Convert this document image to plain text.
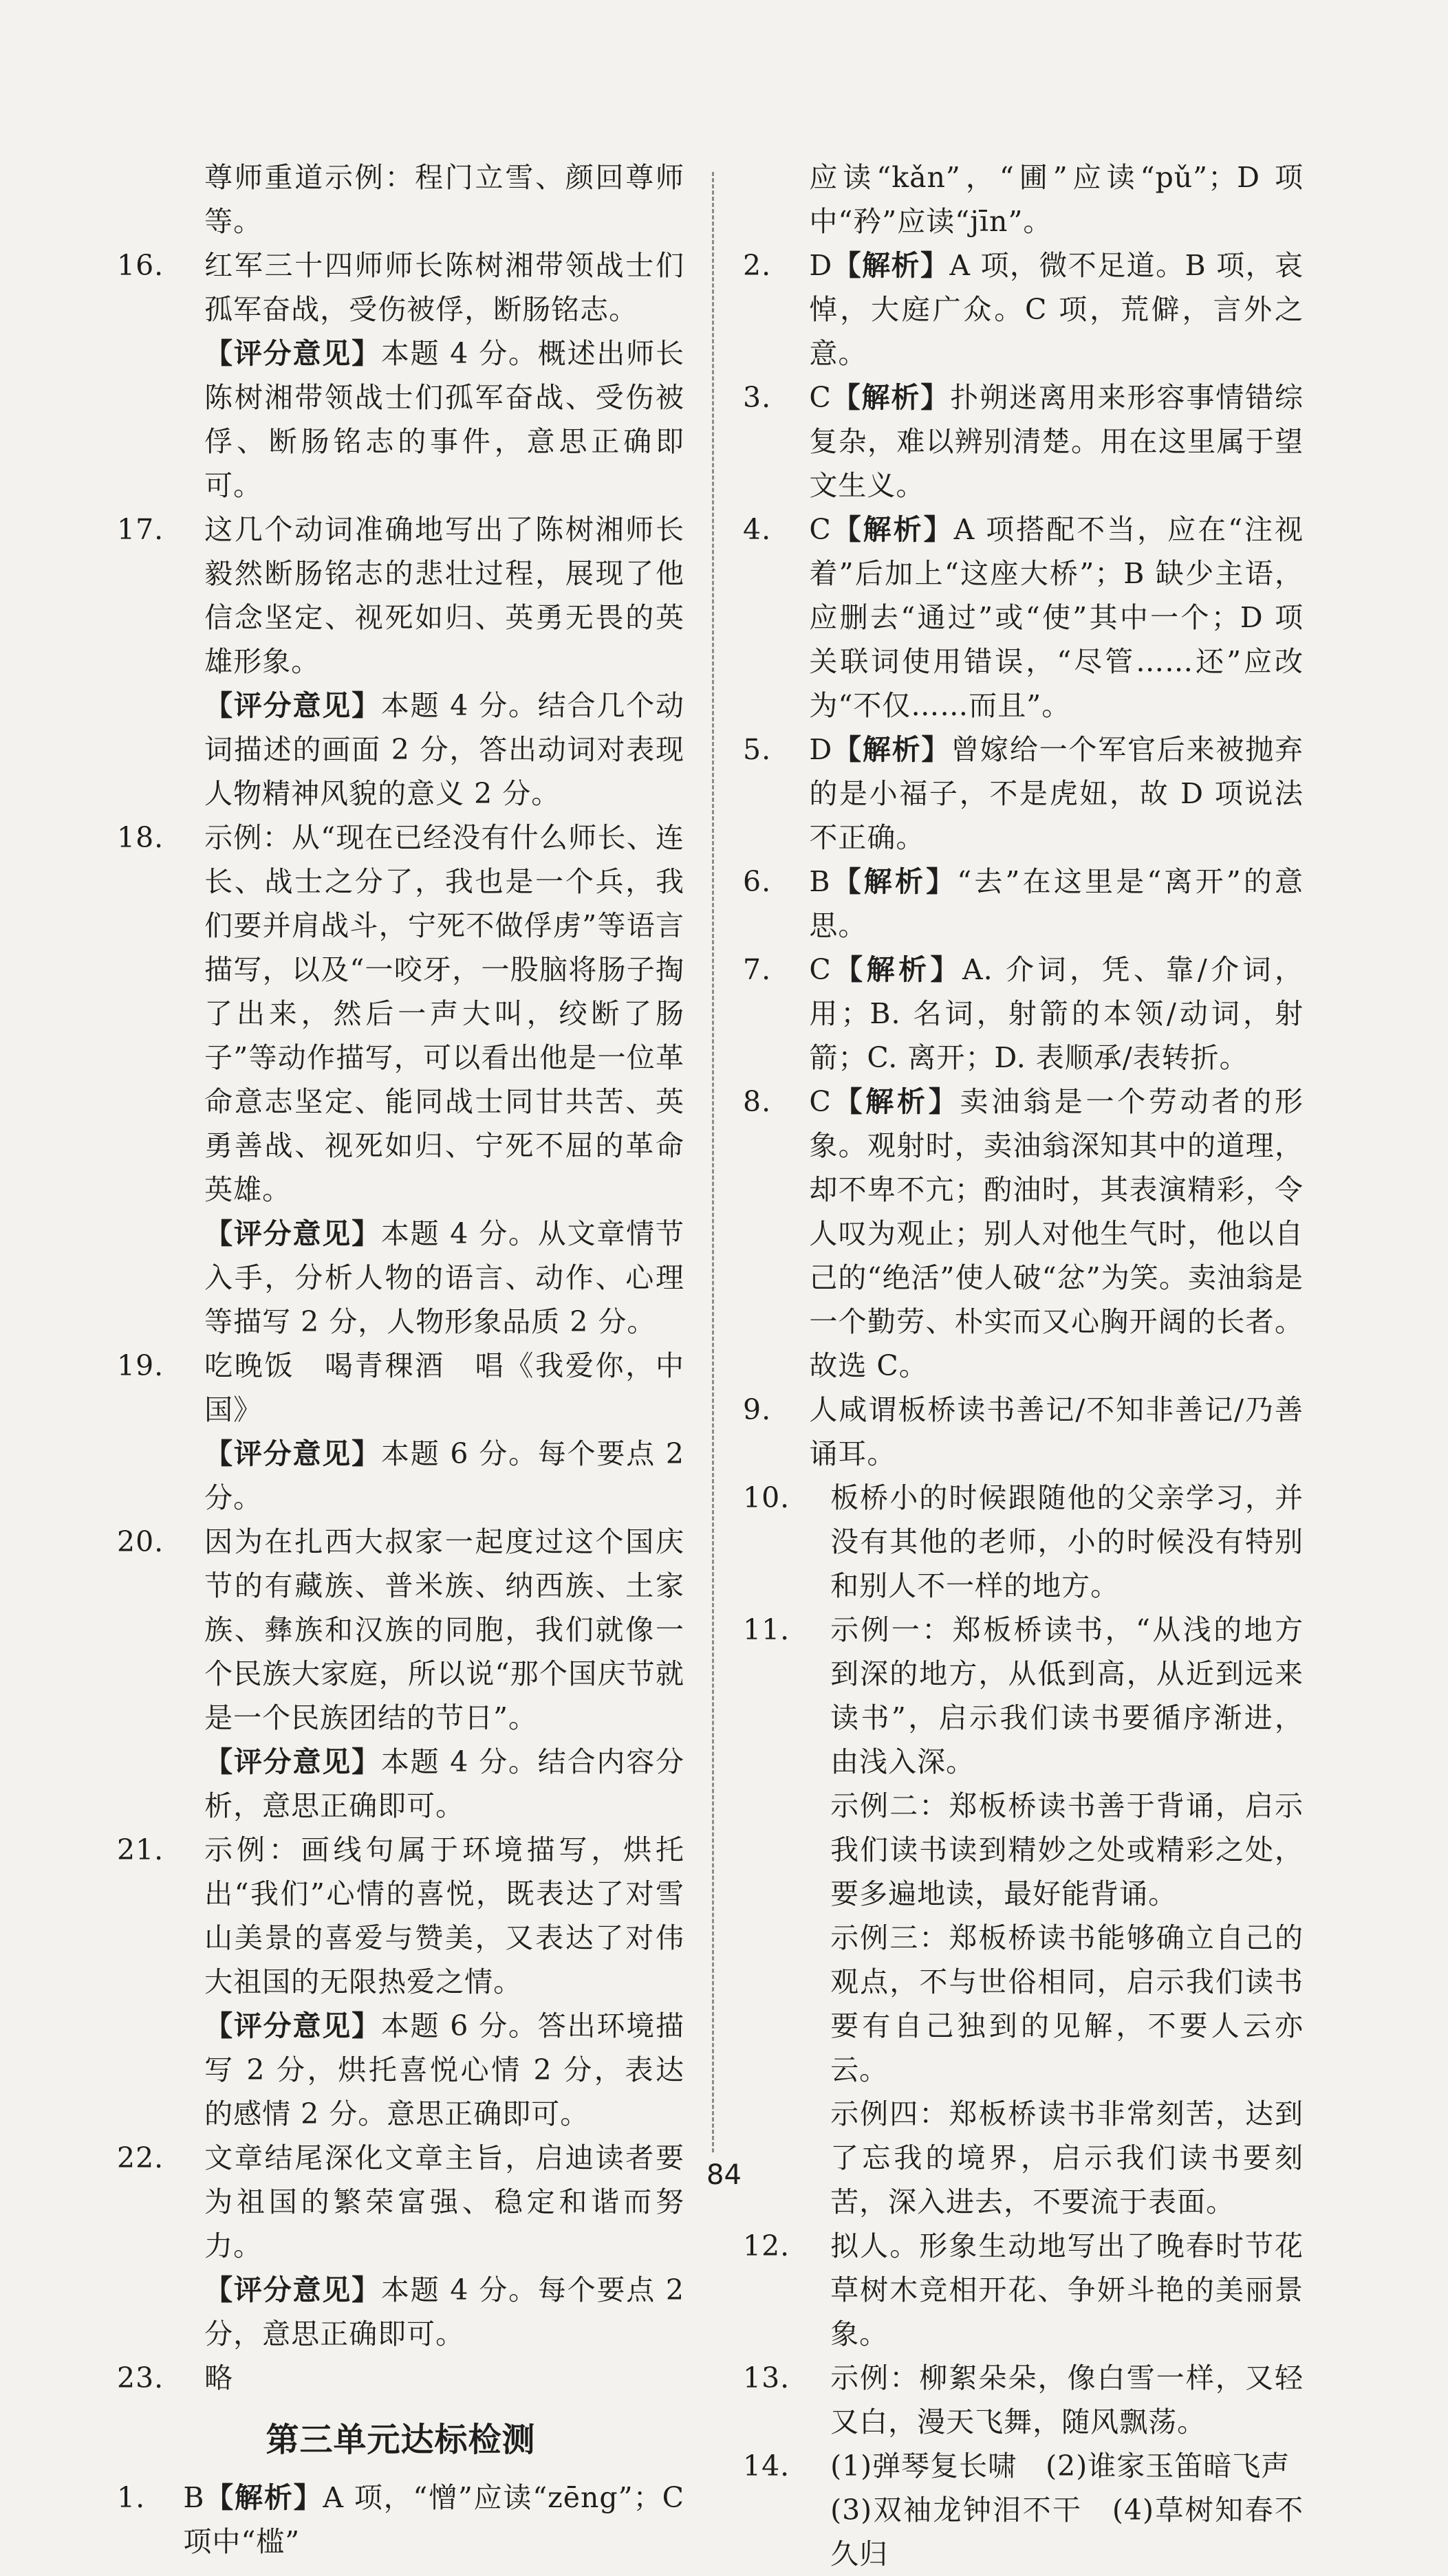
尊师重道示例：程门立雪、颜回尊师等。
16. 红军三十四师师长陈树湘带领战士们孤军奋战，受伤被俘，断肠铭志。
【评分意见】本题 4 分。概述出师长陈树湘带领战士们孤军奋战、受伤被俘、断肠铭志的事件，意思正确即可。
17. 这几个动词准确地写出了陈树湘师长毅然断肠铭志的悲壮过程，展现了他信念坚定、视死如归、英勇无畏的英雄形象。
【评分意见】本题 4 分。结合几个动词描述的画面 2 分，答出动词对表现人物精神风貌的意义 2 分。
18. 示例：从“现在已经没有什么师长、连长、战士之分了，我也是一个兵，我们要并肩战斗，宁死不做俘虏”等语言描写，以及“一咬牙，一股脑将肠子掏了出来，然后一声大叫，绞断了肠子”等动作描写，可以看出他是一位革命意志坚定、能同战士同甘共苦、英勇善战、视死如归、宁死不屈的革命英雄。
【评分意见】本题 4 分。从文章情节入手，分析人物的语言、动作、心理等描写 2 分，人物形象品质 2 分。
19. 吃晚饭　喝青稞酒　唱《我爱你，中国》
【评分意见】本题 6 分。每个要点 2 分。
20. 因为在扎西大叔家一起度过这个国庆节的有藏族、普米族、纳西族、土家族、彝族和汉族的同胞，我们就像一个民族大家庭，所以说“那个国庆节就是一个民族团结的节日”。
【评分意见】本题 4 分。结合内容分析，意思正确即可。
21. 示例：画线句属于环境描写，烘托出“我们”心情的喜悦，既表达了对雪山美景的喜爱与赞美，又表达了对伟大祖国的无限热爱之情。
【评分意见】本题 6 分。答出环境描写 2 分，烘托喜悦心情 2 分，表达的感情 2 分。意思正确即可。
22. 文章结尾深化文章主旨，启迪读者要为祖国的繁荣富强、稳定和谐而努力。
【评分意见】本题 4 分。每个要点 2 分，意思正确即可。
23. 略
第三单元达标检测
1. B【解析】A 项，“憎”应读“zēng”；C 项中“槛”
应读“kǎn”，“圃”应读“pǔ”；D 项中“矜”应读“jīn”。
2. D【解析】A 项，微不足道。B 项，哀悼，大庭广众。C 项，荒僻，言外之意。
3. C【解析】扑朔迷离用来形容事情错综复杂，难以辨别清楚。用在这里属于望文生义。
4. C【解析】A 项搭配不当，应在“注视着”后加上“这座大桥”；B 缺少主语，应删去“通过”或“使”其中一个；D 项关联词使用错误，“尽管……还”应改为“不仅……而且”。
5. D【解析】曾嫁给一个军官后来被抛弃的是小福子，不是虎妞，故 D 项说法不正确。
6. B【解析】“去”在这里是“离开”的意思。
7. C【解析】A. 介词，凭、靠/介词，用；B. 名词，射箭的本领/动词，射箭；C. 离开；D. 表顺承/表转折。
8. C【解析】卖油翁是一个劳动者的形象。观射时，卖油翁深知其中的道理，却不卑不亢；酌油时，其表演精彩，令人叹为观止；别人对他生气时，他以自己的“绝活”使人破“忿”为笑。卖油翁是一个勤劳、朴实而又心胸开阔的长者。故选 C。
9. 人咸谓板桥读书善记/不知非善记/乃善诵耳。
10. 板桥小的时候跟随他的父亲学习，并没有其他的老师，小的时候没有特别和别人不一样的地方。
11. 示例一：郑板桥读书，“从浅的地方到深的地方，从低到高，从近到远来读书”，启示我们读书要循序渐进，由浅入深。
示例二：郑板桥读书善于背诵，启示我们读书读到精妙之处或精彩之处，要多遍地读，最好能背诵。
示例三：郑板桥读书能够确立自己的观点，不与世俗相同，启示我们读书要有自己独到的见解，不要人云亦云。
示例四：郑板桥读书非常刻苦，达到了忘我的境界，启示我们读书要刻苦，深入进去，不要流于表面。
12. 拟人。形象生动地写出了晚春时节花草树木竞相开花、争妍斗艳的美丽景象。
13. 示例：柳絮朵朵，像白雪一样，又轻又白，漫天飞舞，随风飘荡。
14. (1)弹琴复长啸　(2)谁家玉笛暗飞声
(3)双袖龙钟泪不干　(4)草树知春不久归
84
